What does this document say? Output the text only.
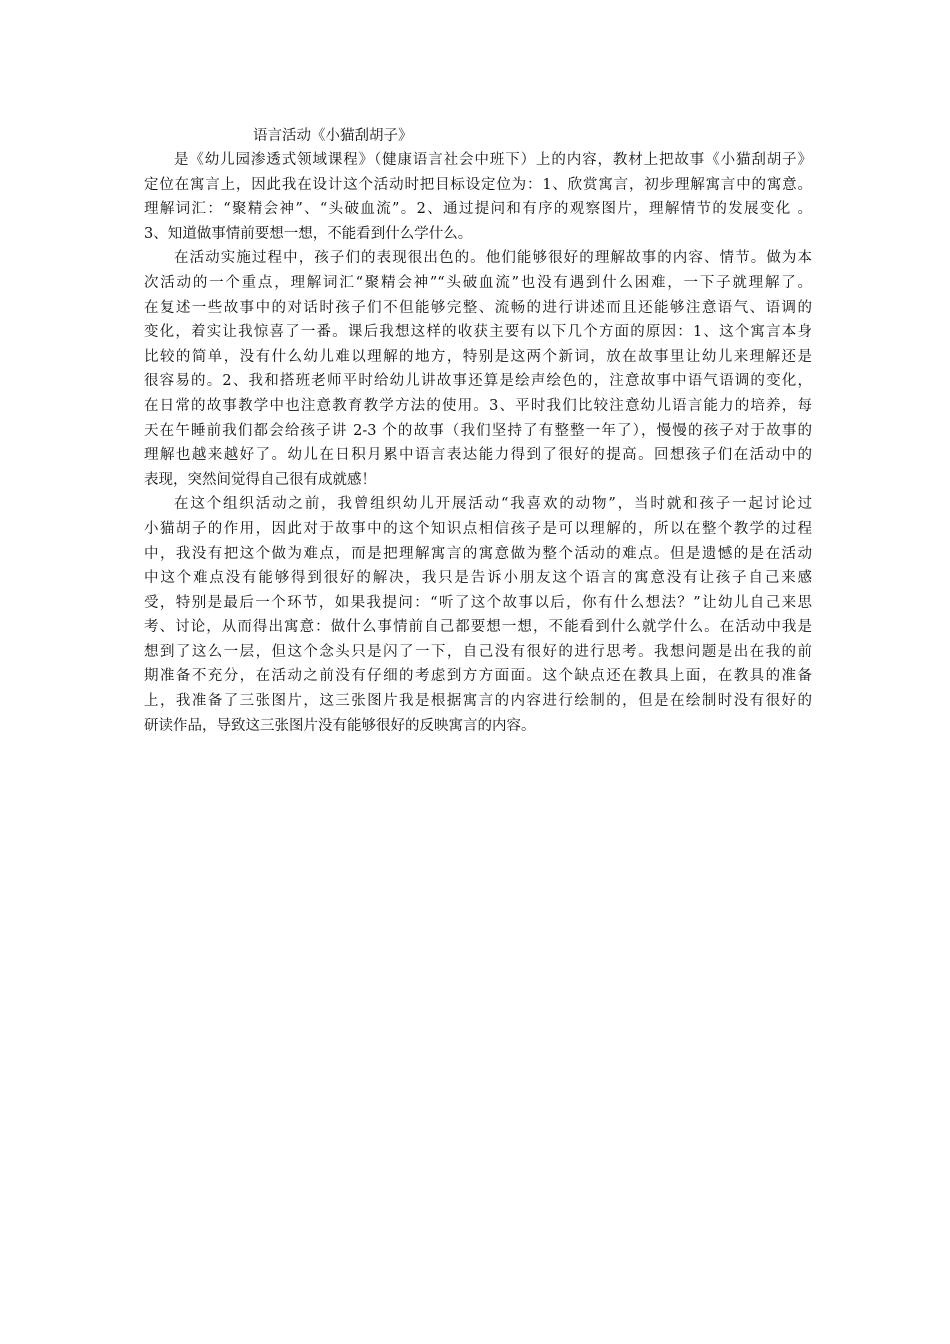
语言活动《小猫刮胡子》
是《幼儿园渗透式领域课程》（健康语言社会中班下）上的内容，教材上把故事《小猫刮胡子》
定位在寓言上，因此我在设计这个活动时把目标设定位为：1、欣赏寓言，初步理解寓言中的寓意。
理解词汇：“聚精会神”、“头破血流”。2、通过提问和有序的观察图片，理解情节的发展变化 。
3、知道做事情前要想一想，不能看到什么学什么。
在活动实施过程中，孩子们的表现很出色的。他们能够很好的理解故事的内容、情节。做为本
次活动的一个重点，理解词汇“聚精会神”“头破血流”也没有遇到什么困难，一下子就理解了。
在复述一些故事中的对话时孩子们不但能够完整、流畅的进行讲述而且还能够注意语气、语调的
变化，着实让我惊喜了一番。课后我想这样的收获主要有以下几个方面的原因：1、这个寓言本身
比较的简单，没有什么幼儿难以理解的地方，特别是这两个新词，放在故事里让幼儿来理解还是
很容易的。2、我和搭班老师平时给幼儿讲故事还算是绘声绘色的，注意故事中语气语调的变化，
在日常的故事教学中也注意教育教学方法的使用。3、平时我们比较注意幼儿语言能力的培养，每
天在午睡前我们都会给孩子讲 2-3 个的故事（我们坚持了有整整一年了），慢慢的孩子对于故事的
理解也越来越好了。幼儿在日积月累中语言表达能力得到了很好的提高。回想孩子们在活动中的
表现，突然间觉得自己很有成就感！
在这个组织活动之前，我曾组织幼儿开展活动“我喜欢的动物”，当时就和孩子一起讨论过
小猫胡子的作用，因此对于故事中的这个知识点相信孩子是可以理解的，所以在整个教学的过程
中，我没有把这个做为难点，而是把理解寓言的寓意做为整个活动的难点。但是遗憾的是在活动
中这个难点没有能够得到很好的解决，我只是告诉小朋友这个语言的寓意没有让孩子自己来感
受，特别是最后一个环节，如果我提问：“听了这个故事以后，你有什么想法？”让幼儿自己来思
考、讨论，从而得出寓意：做什么事情前自己都要想一想，不能看到什么就学什么。在活动中我是
想到了这么一层，但这个念头只是闪了一下，自己没有很好的进行思考。我想问题是出在我的前
期准备不充分，在活动之前没有仔细的考虑到方方面面。这个缺点还在教具上面，在教具的准备
上，我准备了三张图片，这三张图片我是根据寓言的内容进行绘制的，但是在绘制时没有很好的
研读作品，导致这三张图片没有能够很好的反映寓言的内容。
